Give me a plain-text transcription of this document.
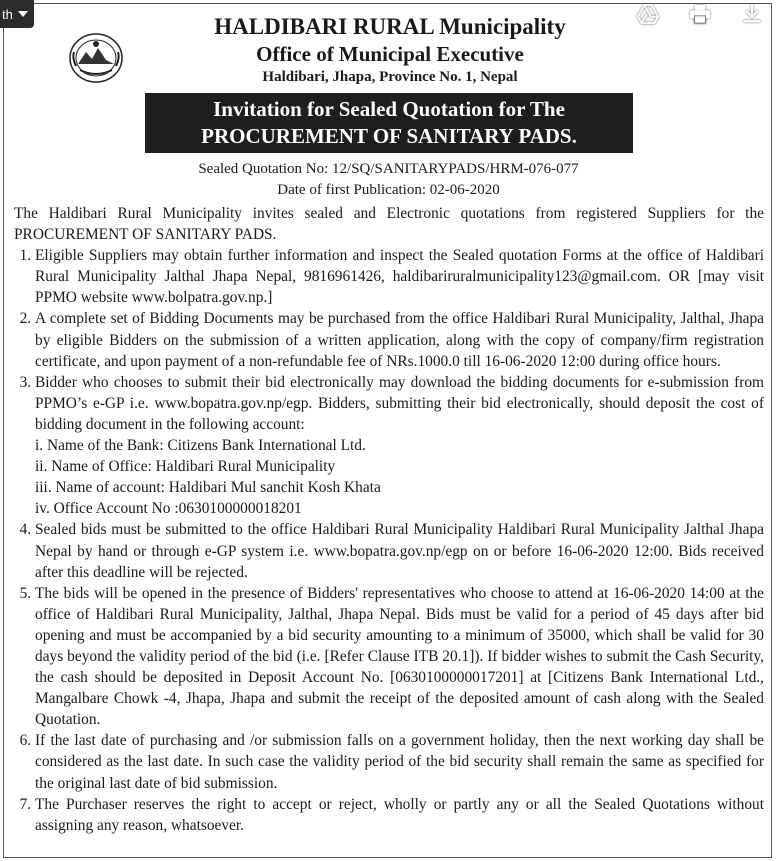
th	HALDIBARI RURAL Municipality
Office of Municipal Executive
Haldibari, Jhapa, Province No. 1, Nepal
Invitation for Sealed Quotation for The
PROCUREMENT OF SANITARY PADS.
Sealed Quotation No: 12/SQ/SANITARYPADS/HRM-076-077
Date of first Publication: 02-06-2020

The Haldibari Rural Municipality invites sealed and Electronic quotations from registered Suppliers for the PROCUREMENT OF SANITARY PADS.

1. Eligible Suppliers may obtain further information and inspect the Sealed quotation Forms at the office of Haldibari Rural Municipality Jalthal Jhapa Nepal, 9816961426, haldibariruralmunicipality123@gmail.com. OR [may visit PPMO website www.bolpatra.gov.np.]
2. A complete set of Bidding Documents may be purchased from the office Haldibari Rural Municipality, Jalthal, Jhapa by eligible Bidders on the submission of a written application, along with the copy of company/firm registration certificate, and upon payment of a non-refundable fee of NRs.1000.0 till 16-06-2020 12:00 during office hours.
3. Bidder who chooses to submit their bid electronically may download the bidding documents for e-submission from PPMO’s e-GP i.e. www.bopatra.gov.np/egp. Bidders, submitting their bid electronically, should deposit the cost of bidding document in the following account:
i. Name of the Bank: Citizens Bank International Ltd.
ii. Name of Office: Haldibari Rural Municipality
iii. Name of account: Haldibari Mul sanchit Kosh Khata
iv. Office Account No :0630100000018201
4. Sealed bids must be submitted to the office Haldibari Rural Municipality Haldibari Rural Municipality Jalthal Jhapa Nepal by hand or through e-GP system i.e. www.bopatra.gov.np/egp on or before 16-06-2020 12:00. Bids received after this deadline will be rejected.
5. The bids will be opened in the presence of Bidders' representatives who choose to attend at 16-06-2020 14:00 at the office of Haldibari Rural Municipality, Jalthal, Jhapa Nepal. Bids must be valid for a period of 45 days after bid opening and must be accompanied by a bid security amounting to a minimum of 35000, which shall be valid for 30 days beyond the validity period of the bid (i.e. [Refer Clause ITB 20.1]). If bidder wishes to submit the Cash Security, the cash should be deposited in Deposit Account No. [0630100000017201] at [Citizens Bank International Ltd., Mangalbare Chowk -4, Jhapa, Jhapa and submit the receipt of the deposited amount of cash along with the Sealed Quotation.
6. If the last date of purchasing and /or submission falls on a government holiday, then the next working day shall be considered as the last date. In such case the validity period of the bid security shall remain the same as specified for the original last date of bid submission.
7. The Purchaser reserves the right to accept or reject, wholly or partly any or all the Sealed Quotations without assigning any reason, whatsoever.
